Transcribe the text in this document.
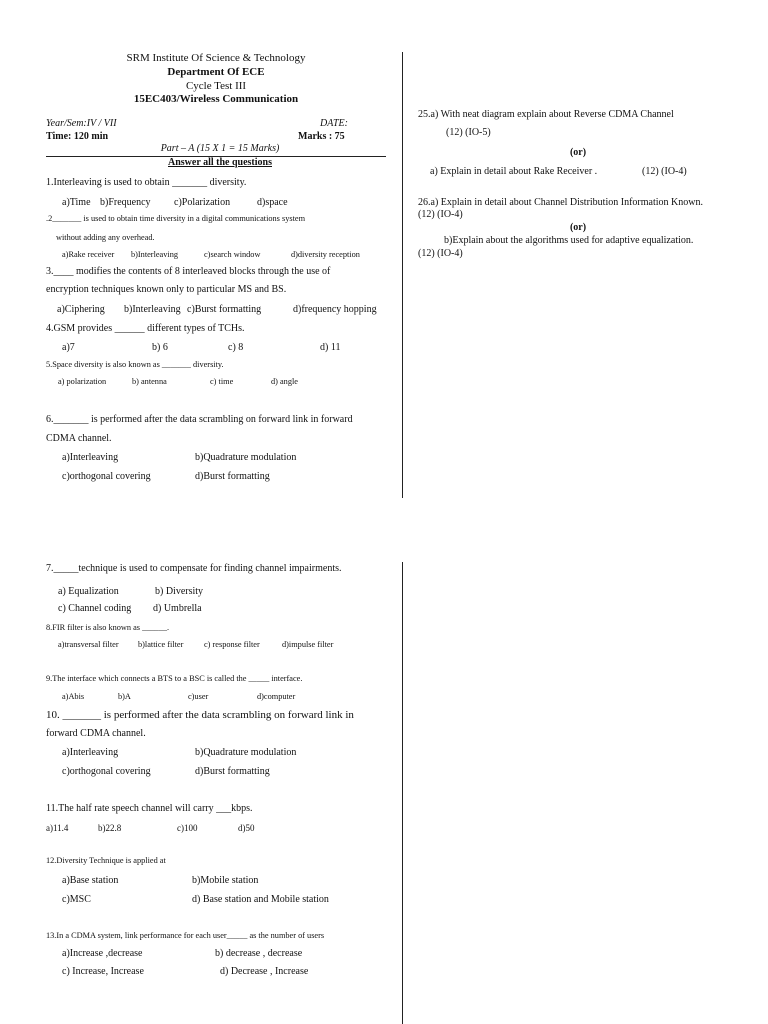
SRM Institute Of Science & Technology
Department Of ECE
Cycle Test III
15EC403/Wireless Communication
Year/Sem:IV / VII	DATE:
Time: 120 min	Marks : 75
Part – A (15 X 1 = 15 Marks)
Answer all the questions
1.Interleaving is used to obtain _______ diversity.
a)Time b)Frequency c)Polarization	d)space
.2_______ is used to obtain time diversity in a digital communications system
without adding any overhead.
a)Rake receiver b)Interleaving	c)search window	d)diversity reception
3.____ modifies the contents of 8 interleaved blocks through the use of
encryption techniques known only to particular MS and BS.
a)Ciphering b)Interleaving c)Burst formatting	d)frequency hopping
4.GSM provides ______ different types of TCHs.
a)7	b) 6	c) 8	d) 11
5.Space diversity is also known as _______ diversity.
a) polarization	b) antenna	c) time	d) angle
6._______ is performed after the data scrambling on forward link in forward
CDMA channel.
a)Interleaving	b)Quadrature modulation
c)orthogonal covering	d)Burst formatting
7._____technique is used to compensate for finding channel impairments.
a) Equalization	b) Diversity
c) Channel coding d) Umbrella
8.FIR filter is also known as ______.
a)transversal filter b)lattice filter c) response filter	d)impulse filter
9.The interface which connects a BTS to a BSC is called the _____ interface.
a)Abis	b)A	c)user	d)computer
10. _______ is performed after the data scrambling on forward link in
forward CDMA channel.
a)Interleaving	b)Quadrature modulation
c)orthogonal covering	d)Burst formatting
11.The half rate speech channel will carry ___kbps.
a)11.4	b)22.8	c)100	d)50
12.Diversity Technique is applied at
a)Base station	b)Mobile station
c)MSC	d) Base station and Mobile station
13.In a CDMA system, link performance for each user_____ as the number of users
a)Increase ,decrease	b) decrease , decrease
c) Increase, Increase	d) Decrease , Increase
25.a) With neat diagram explain about Reverse CDMA Channel
(12) (IO-5)
(or)
a) Explain in detail about Rake Receiver .	(12) (IO-4)
26.a) Explain in detail about Channel Distribution Information Known.
(12) (IO-4)
(or)
b)Explain about the algorithms used for adaptive equalization.
(12) (IO-4)
